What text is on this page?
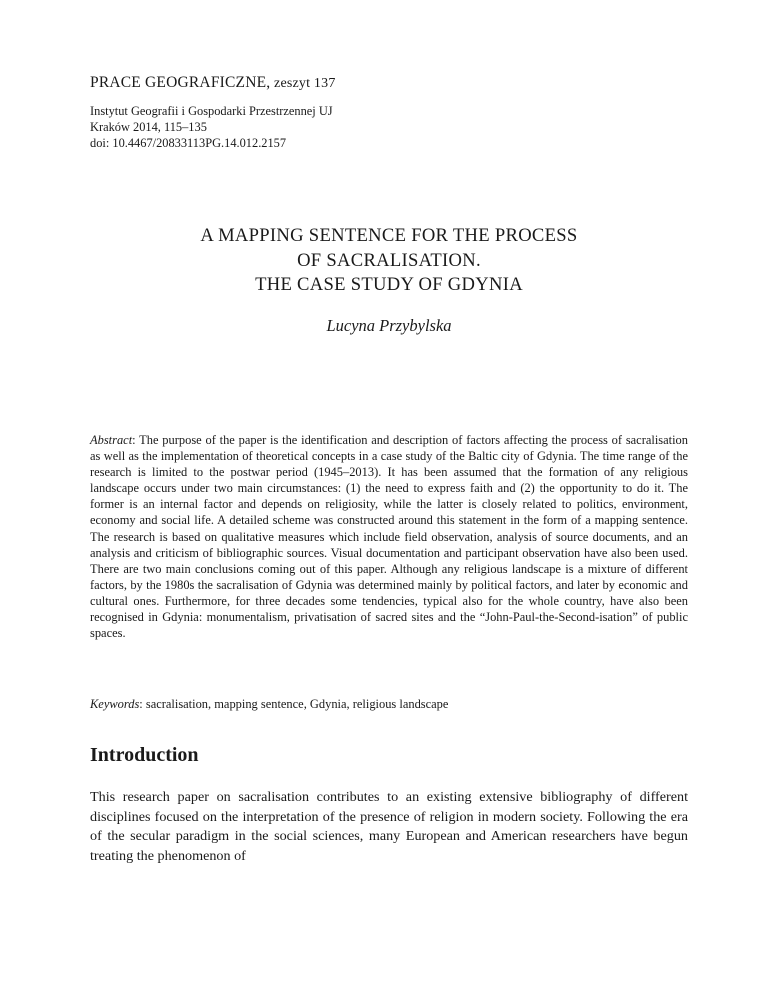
PRACE GEOGRAFICZNE, zeszyt 137
Instytut Geografii i Gospodarki Przestrzennej UJ
Kraków 2014, 115–135
doi: 10.4467/20833113PG.14.012.2157
A MAPPING SENTENCE FOR THE PROCESS
OF SACRALISATION.
THE CASE STUDY OF GDYNIA
Lucyna Przybylska
Abstract: The purpose of the paper is the identification and description of factors affecting the process of sacralisation as well as the implementation of theoretical concepts in a case study of the Baltic city of Gdynia. The time range of the research is limited to the postwar period (1945–2013). It has been assumed that the formation of any religious landscape occurs under two main circumstances: (1) the need to express faith and (2) the opportunity to do it. The former is an internal factor and depends on religiosity, while the latter is closely related to politics, environment, economy and social life. A detailed scheme was constructed around this statement in the form of a mapping sentence. The research is based on qualitative measures which include field observation, analysis of source documents, and an analysis and criticism of bibliographic sources. Visual documentation and participant observation have also been used. There are two main conclusions coming out of this paper. Although any religious landscape is a mixture of different factors, by the 1980s the sacralisation of Gdynia was determined mainly by political factors, and later by economic and cultural ones. Furthermore, for three decades some tendencies, typical also for the whole country, have also been recognised in Gdynia: monumentalism, privatisation of sacred sites and the “John-Paul-the-Second-isation” of public spaces.
Keywords: sacralisation, mapping sentence, Gdynia, religious landscape
Introduction
This research paper on sacralisation contributes to an existing extensive bibliography of different disciplines focused on the interpretation of the presence of religion in modern society. Following the era of the secular paradigm in the social sciences, many European and American researchers have begun treating the phenomenon of
